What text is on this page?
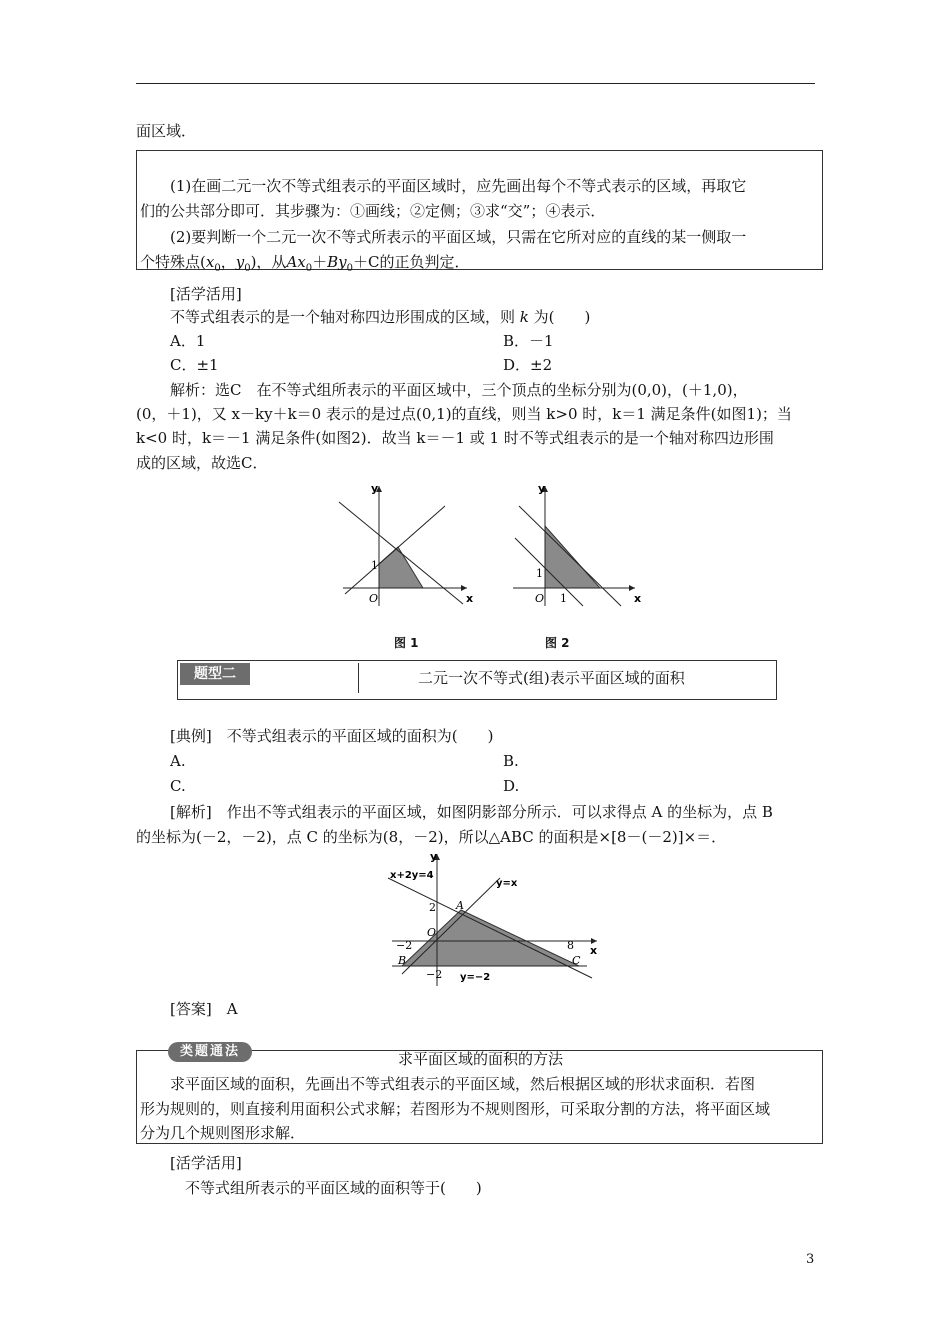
面区域．
(1)在画二元一次不等式组表示的平面区域时，应先画出每个不等式表示的区域，再取它
们的公共部分即可．其步骤为：①画线；②定侧；③求“交”；④表示．
(2)要判断一个二元一次不等式所表示的平面区域，只需在它所对应的直线的某一侧取一
个特殊点($x_0$，$y_0$)，从$Ax_0+By_0+C$的正负判定．
[活学活用]
不等式组表示的是一个轴对称四边形围成的区域，则 k 为(　　)
A．1	B．－1
C．±1	D．±2
解析：选C　在不等式组所表示的平面区域中，三个顶点的坐标分别为(0,0)，(＋1,0)，
(0，＋1)，又 x－ky＋k＝0 表示的是过点(0,1)的直线，则当 k>0 时，k＝1 满足条件(如图1)；当
k<0 时，k＝－1 满足条件(如图2)．故当 k＝－1 或 1 时不等式组表示的是一个轴对称四边形围
成的区域，故选C．
y
x
O
1
图 1
y
x
O
1
1
图 2
题型二	二元一次不等式(组)表示平面区域的面积
[典例]　 不等式组表示的平面区域的面积为(　　)
A.	B.
C.	D.
[解析]　作出不等式组表示的平面区域，如图阴影部分所示．可以求得点 A 的坐标为，点 B
的坐标为(－2，－2)，点 C 的坐标为(8，－2)，所以△ABC 的面积是×[8－(－2)]×＝．
y
x
O
x+2y=4
y=x
y=−2
A
B	C
2
−2	8
−2
[答案]　A
类题通法	求平面区域的面积的方法
求平面区域的面积，先画出不等式组表示的平面区域，然后根据区域的形状求面积．若图
形为规则的，则直接利用面积公式求解；若图形为不规则图形，可采取分割的方法，将平面区域
分为几个规则图形求解．
[活学活用]
不等式组所表示的平面区域的面积等于(　　)
3
